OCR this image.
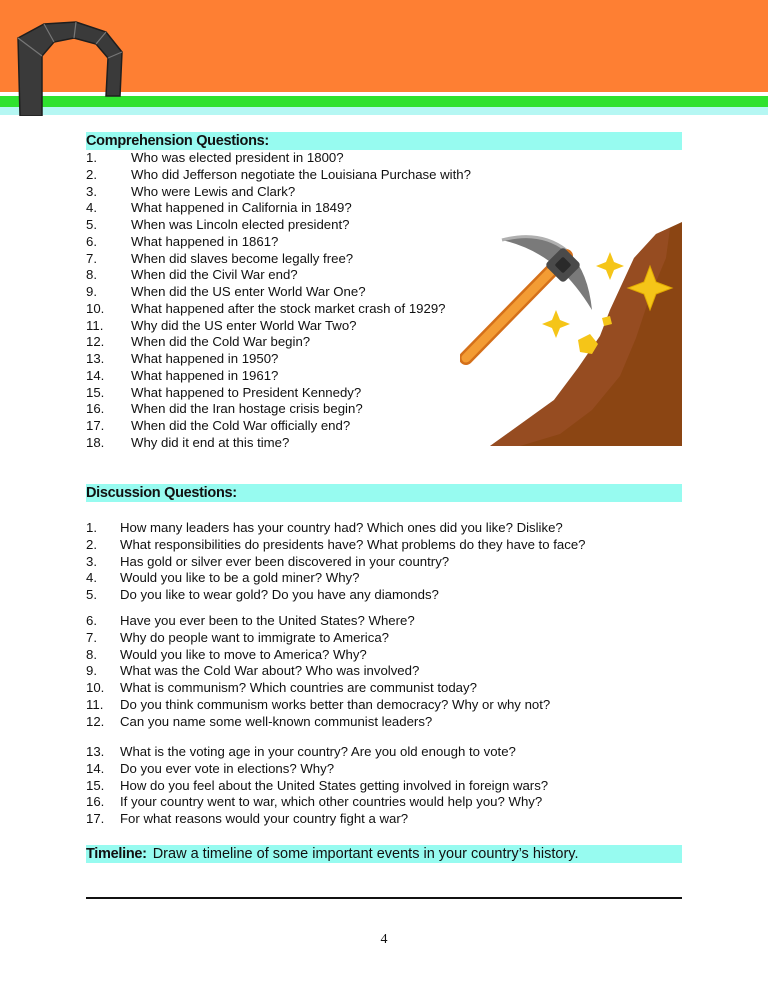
Comprehension Questions:
1.	Who was elected president in 1800?
2.	Who did Jefferson negotiate the Louisiana Purchase with?
3.	Who were Lewis and Clark?
4.	What happened in California in 1849?
5.	When was Lincoln elected president?
6.	What happened in 1861?
7.	When did slaves become legally free?
8.	When did the Civil War end?
9.	When did the US enter World War One?
10. What happened after the stock market crash of 1929?
11. Why did the US enter World War Two?
12. When did the Cold War begin?
13. What happened in 1950?
14. What happened in 1961?
15. What happened to President Kennedy?
16. When did the Iran hostage crisis begin?
17. When did the Cold War officially end?
18. Why did it end at this time?
Discussion Questions:
1. How many leaders has your country had? Which ones did you like? Dislike?
2. What responsibilities do presidents have? What problems do they have to face?
3. Has gold or silver ever been discovered in your country?
4. Would you like to be a gold miner? Why?
5. Do you like to wear gold? Do you have any diamonds?
6. Have you ever been to the United States? Where?
7. Why do people want to immigrate to America?
8. Would you like to move to America? Why?
9. What was the Cold War about? Who was involved?
10. What is communism? Which countries are communist today?
11. Do you think communism works better than democracy? Why or why not?
12. Can you name some well-known communist leaders?
13. What is the voting age in your country? Are you old enough to vote?
14. Do you ever vote in elections? Why?
15. How do you feel about the United States getting involved in foreign wars?
16. If your country went to war, which other countries would help you? Why?
17. For what reasons would your country fight a war?
Timeline: Draw a timeline of some important events in your country’s history.
4
